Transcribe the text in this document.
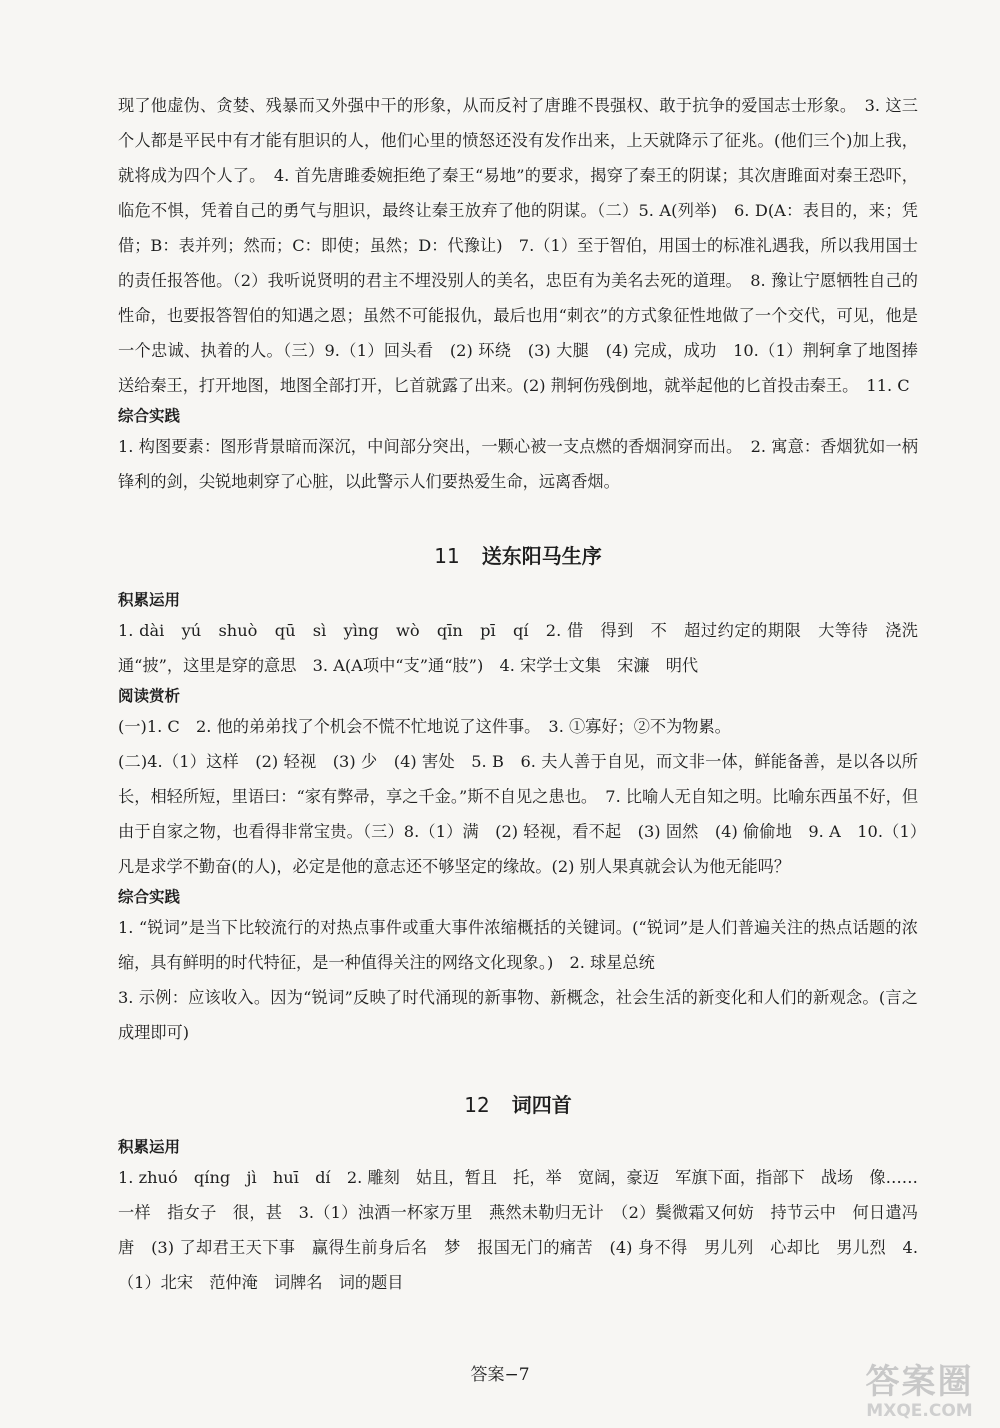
现了他虚伪、贪婪、残暴而又外强中干的形象，从而反衬了唐雎不畏强权、敢于抗争的爱国志士形象。　3. 这三个人都是平民中有才能有胆识的人，他们心里的愤怒还没有发作出来，上天就降示了征兆。(他们三个)加上我，就将成为四个人了。　4. 首先唐雎委婉拒绝了秦王“易地”的要求，揭穿了秦王的阴谋；其次唐雎面对秦王恐吓，临危不惧，凭着自己的勇气与胆识，最终让秦王放弃了他的阴谋。（二）5. A(列举)　6. D(A：表目的，来；凭借；B：表并列；然而；C：即使；虽然；D：代豫让)　7.（1）至于智伯，用国士的标准礼遇我，所以我用国士的责任报答他。（2）我听说贤明的君主不埋没别人的美名，忠臣有为美名去死的道理。　8. 豫让宁愿牺牲自己的性命，也要报答智伯的知遇之恩；虽然不可能报仇，最后也用“刺衣”的方式象征性地做了一个交代，可见，他是一个忠诚、执着的人。（三）9.（1）回头看　(2) 环绕　(3) 大腿　(4) 完成，成功　10.（1）荆轲拿了地图捧送给秦王，打开地图，地图全部打开，匕首就露了出来。(2) 荆轲伤残倒地，就举起他的匕首投击秦王。　11. C

综合实践

1. 构图要素：图形背景暗而深沉，中间部分突出，一颗心被一支点燃的香烟洞穿而出。　2. 寓意：香烟犹如一柄锋利的剑，尖锐地刺穿了心脏，以此警示人们要热爱生命，远离香烟。

11 送东阳马生序

积累运用

1. dài　yú　shuò　qū　sì　yìng　wò　qīn　pī　qí　2. 借　得到　不　超过约定的期限　大等待　浇洗　通“披”，这里是穿的意思　3. A(A项中“支”通“肢”)　4. 宋学士文集　宋濂　明代

阅读赏析

(一)1. C　2. 他的弟弟找了个机会不慌不忙地说了这件事。　3. ①寡好；②不为物累。

(二)4.（1）这样　(2) 轻视　(3) 少　(4) 害处　5. B　6. 夫人善于自见，而文非一体，鲜能备善，是以各以所长，相轻所短，里语曰：“家有弊帚，享之千金。”斯不自见之患也。　7. 比喻人无自知之明。比喻东西虽不好，但由于自家之物，也看得非常宝贵。（三）8.（1）满　(2) 轻视，看不起　(3) 固然　(4) 偷偷地　9. A　10.（1）凡是求学不勤奋(的人)，必定是他的意志还不够坚定的缘故。(2) 别人果真就会认为他无能吗？

综合实践

1. “锐词”是当下比较流行的对热点事件或重大事件浓缩概括的关键词。(“锐词”是人们普遍关注的热点话题的浓缩，具有鲜明的时代特征，是一种值得关注的网络文化现象。)　2. 球星总统

3. 示例：应该收入。因为“锐词”反映了时代涌现的新事物、新概念，社会生活的新变化和人们的新观念。(言之成理即可)

12 词四首

积累运用

1. zhuó　qíng　jì　huī　dí　2. 雕刻　姑且，暂且　托，举　宽阔，豪迈　军旗下面，指部下　战场　像……一样　指女子　很，甚　3.（1）浊酒一杯家万里　燕然未勒归无计　（2）鬓微霜又何妨　持节云中　何日遣冯唐　(3) 了却君王天下事　赢得生前身后名　梦　报国无门的痛苦　(4) 身不得　男儿列　心却比　男儿烈　4.（1）北宋　范仲淹　词牌名　词的题目

答案−7	答案圈
MXQE.COM
